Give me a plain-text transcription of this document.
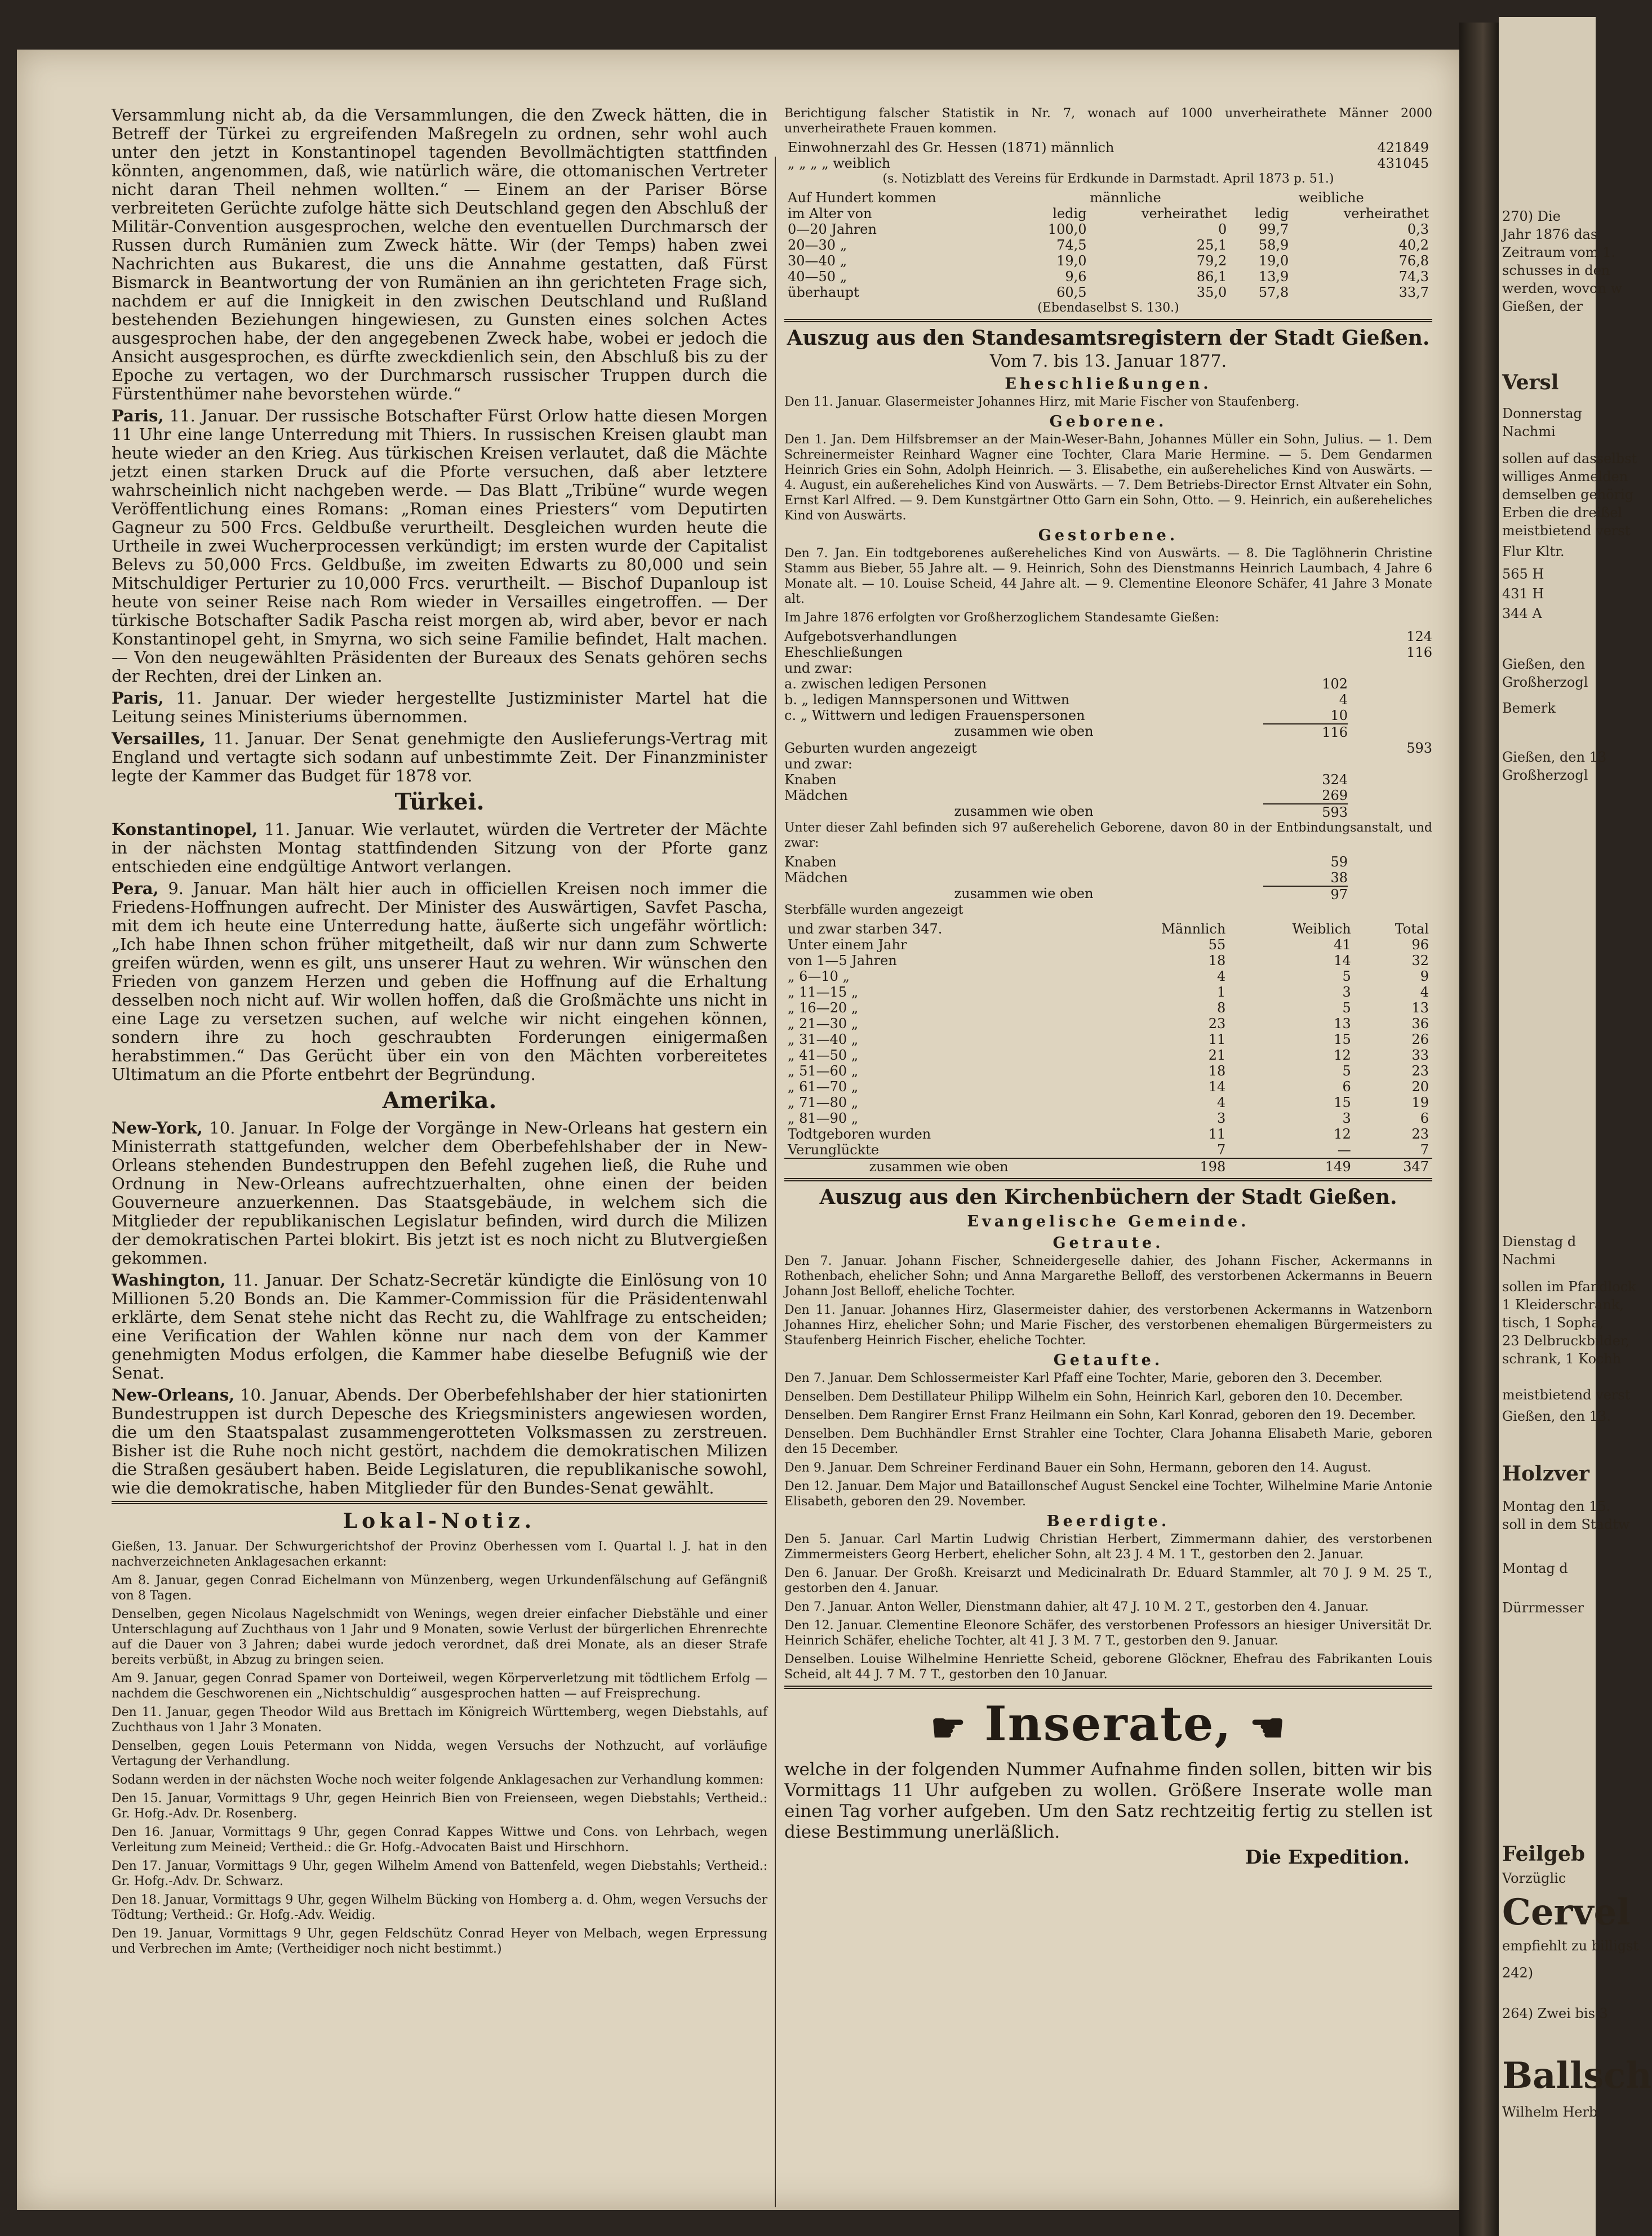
Versammlung nicht ab, da die Versammlungen, die den Zweck hätten, die in Betreff der Türkei zu ergreifenden Maßregeln zu ordnen, sehr wohl auch unter den jetzt in Konstantinopel tagenden Bevollmächtigten stattfinden könnten, angenommen, daß, wie natürlich wäre, die ottomanischen Vertreter nicht daran Theil nehmen wollten.“ — Einem an der Pariser Börse verbreiteten Gerüchte zufolge hätte sich Deutschland gegen den Abschluß der Militär-Convention ausgesprochen, welche den eventuellen Durchmarsch der Russen durch Rumänien zum Zweck hätte. Wir (der Temps) haben zwei Nachrichten aus Bukarest, die uns die Annahme gestatten, daß Fürst Bismarck in Beantwortung der von Rumänien an ihn gerichteten Frage sich, nachdem er auf die Innigkeit in den zwischen Deutschland und Rußland bestehenden Beziehungen hingewiesen, zu Gunsten eines solchen Actes ausgesprochen habe, der den angegebenen Zweck habe, wobei er jedoch die Ansicht ausgesprochen, es dürfte zweckdienlich sein, den Abschluß bis zu der Epoche zu vertagen, wo der Durchmarsch russischer Truppen durch die Fürstenthümer nahe bevorstehen würde.“

Paris, 11. Januar. Der russische Botschafter Fürst Orlow hatte diesen Morgen 11 Uhr eine lange Unterredung mit Thiers. In russischen Kreisen glaubt man heute wieder an den Krieg. Aus türkischen Kreisen verlautet, daß die Mächte jetzt einen starken Druck auf die Pforte versuchen, daß aber letztere wahrscheinlich nicht nachgeben werde. — Das Blatt „Tribüne“ wurde wegen Veröffentlichung eines Romans: „Roman eines Priesters“ vom Deputirten Gagneur zu 500 Frcs. Geldbuße verurtheilt. Desgleichen wurden heute die Urtheile in zwei Wucherprocessen verkündigt; im ersten wurde der Capitalist Belevs zu 50,000 Frcs. Geldbuße, im zweiten Edwarts zu 80,000 und sein Mitschuldiger Perturier zu 10,000 Frcs. verurtheilt. — Bischof Dupanloup ist heute von seiner Reise nach Rom wieder in Versailles eingetroffen. — Der türkische Botschafter Sadik Pascha reist morgen ab, wird aber, bevor er nach Konstantinopel geht, in Smyrna, wo sich seine Familie befindet, Halt machen. — Von den neugewählten Präsidenten der Bureaux des Senats gehören sechs der Rechten, drei der Linken an.

Paris, 11. Januar. Der wieder hergestellte Justizminister Martel hat die Leitung seines Ministeriums übernommen.

Versailles, 11. Januar. Der Senat genehmigte den Auslieferungs-Vertrag mit England und vertagte sich sodann auf unbestimmte Zeit. Der Finanzminister legte der Kammer das Budget für 1878 vor.

Türkei.

Konstantinopel, 11. Januar. Wie verlautet, würden die Vertreter der Mächte in der nächsten Montag stattfindenden Sitzung von der Pforte ganz entschieden eine endgültige Antwort verlangen.

Pera, 9. Januar. Man hält hier auch in officiellen Kreisen noch immer die Friedens-Hoffnungen aufrecht. Der Minister des Auswärtigen, Savfet Pascha, mit dem ich heute eine Unterredung hatte, äußerte sich ungefähr wörtlich: „Ich habe Ihnen schon früher mitgetheilt, daß wir nur dann zum Schwerte greifen würden, wenn es gilt, uns unserer Haut zu wehren. Wir wünschen den Frieden von ganzem Herzen und geben die Hoffnung auf die Erhaltung desselben noch nicht auf. Wir wollen hoffen, daß die Großmächte uns nicht in eine Lage zu versetzen suchen, auf welche wir nicht eingehen können, sondern ihre zu hoch geschraubten Forderungen einigermaßen herabstimmen.“ Das Gerücht über ein von den Mächten vorbereitetes Ultimatum an die Pforte entbehrt der Begründung.

Amerika.

New-York, 10. Januar. In Folge der Vorgänge in New-Orleans hat gestern ein Ministerrath stattgefunden, welcher dem Oberbefehlshaber der in New-Orleans stehenden Bundestruppen den Befehl zugehen ließ, die Ruhe und Ordnung in New-Orleans aufrechtzuerhalten, ohne einen der beiden Gouverneure anzuerkennen. Das Staatsgebäude, in welchem sich die Mitglieder der republikanischen Legislatur befinden, wird durch die Milizen der demokratischen Partei blokirt. Bis jetzt ist es noch nicht zu Blutvergießen gekommen.

Washington, 11. Januar. Der Schatz-Secretär kündigte die Einlösung von 10 Millionen 5.20 Bonds an. Die Kammer-Commission für die Präsidentenwahl erklärte, dem Senat stehe nicht das Recht zu, die Wahlfrage zu entscheiden; eine Verification der Wahlen könne nur nach dem von der Kammer genehmigten Modus erfolgen, die Kammer habe dieselbe Befugniß wie der Senat.

New-Orleans, 10. Januar, Abends. Der Oberbefehlshaber der hier stationirten Bundestruppen ist durch Depesche des Kriegsministers angewiesen worden, die um den Staatspalast zusammengerotteten Volksmassen zu zerstreuen. Bisher ist die Ruhe noch nicht gestört, nachdem die demokratischen Milizen die Straßen gesäubert haben. Beide Legislaturen, die republikanische sowohl, wie die demokratische, haben Mitglieder für den Bundes-Senat gewählt.

Lokal-Notiz.

Gießen, 13. Januar. Der Schwurgerichtshof der Provinz Oberhessen vom I. Quartal l. J. hat in den nachverzeichneten Anklagesachen erkannt:

Am 8. Januar, gegen Conrad Eichelmann von Münzenberg, wegen Urkundenfälschung auf Gefängniß von 8 Tagen.

Denselben, gegen Nicolaus Nagelschmidt von Wenings, wegen dreier einfacher Diebstähle und einer Unterschlagung auf Zuchthaus von 1 Jahr und 9 Monaten, sowie Verlust der bürgerlichen Ehrenrechte auf die Dauer von 3 Jahren; dabei wurde jedoch verordnet, daß drei Monate, als an dieser Strafe bereits verbüßt, in Abzug zu bringen seien.

Am 9. Januar, gegen Conrad Spamer von Dorteiweil, wegen Körperverletzung mit tödtlichem Erfolg — nachdem die Geschworenen ein „Nichtschuldig“ ausgesprochen hatten — auf Freisprechung.

Den 11. Januar, gegen Theodor Wild aus Brettach im Königreich Württemberg, wegen Diebstahls, auf Zuchthaus von 1 Jahr 3 Monaten.

Denselben, gegen Louis Petermann von Nidda, wegen Versuchs der Nothzucht, auf vorläufige Vertagung der Verhandlung.

Sodann werden in der nächsten Woche noch weiter folgende Anklagesachen zur Verhandlung kommen:

Den 15. Januar, Vormittags 9 Uhr, gegen Heinrich Bien von Freienseen, wegen Diebstahls; Vertheid.: Gr. Hofg.-Adv. Dr. Rosenberg.

Den 16. Januar, Vormittags 9 Uhr, gegen Conrad Kappes Wittwe und Cons. von Lehrbach, wegen Verleitung zum Meineid; Vertheid.: die Gr. Hofg.-Advocaten Baist und Hirschhorn.

Den 17. Januar, Vormittags 9 Uhr, gegen Wilhelm Amend von Battenfeld, wegen Diebstahls; Vertheid.: Gr. Hofg.-Adv. Dr. Schwarz.

Den 18. Januar, Vormittags 9 Uhr, gegen Wilhelm Bücking von Homberg a. d. Ohm, wegen Versuchs der Tödtung; Vertheid.: Gr. Hofg.-Adv. Weidig.

Den 19. Januar, Vormittags 9 Uhr, gegen Feldschütz Conrad Heyer von Melbach, wegen Erpressung und Verbrechen im Amte; (Vertheidiger noch nicht bestimmt.)

Berichtigung falscher Statistik in Nr. 7, wonach auf 1000 unverheirathete Männer 2000 unverheirathete Frauen kommen.

Einwohnerzahl des Gr. Hessen (1871) männlich	421849
„ „ „ „ weiblich	431045

(s. Notizblatt des Vereins für Erdkunde in Darmstadt. April 1873 p. 51.)

Auf Hundert kommen	männliche		weibliche	
im Alter von	ledig	verheirathet	ledig	verheirathet
0—20 Jahren	100,0	0	99,7	0,3
20—30 „	74,5	25,1	58,9	40,2
30—40 „	19,0	79,2	19,0	76,8
40—50 „	9,6	86,1	13,9	74,3
überhaupt	60,5	35,0	57,8	33,7

(Ebendaselbst S. 130.)

Auszug aus den Standesamtsregistern der Stadt Gießen.
Vom 7. bis 13. Januar 1877.
Eheschließungen.

Den 11. Januar. Glasermeister Johannes Hirz, mit Marie Fischer von Staufenberg.

Geborene.

Den 1. Jan. Dem Hilfsbremser an der Main-Weser-Bahn, Johannes Müller ein Sohn, Julius. — 1. Dem Schreinermeister Reinhard Wagner eine Tochter, Clara Marie Hermine. — 5. Dem Gendarmen Heinrich Gries ein Sohn, Adolph Heinrich. — 3. Elisabethe, ein außereheliches Kind von Auswärts. — 4. August, ein außereheliches Kind von Auswärts. — 7. Dem Betriebs-Director Ernst Altvater ein Sohn, Ernst Karl Alfred. — 9. Dem Kunstgärtner Otto Garn ein Sohn, Otto. — 9. Heinrich, ein außereheliches Kind von Auswärts.

Gestorbene.

Den 7. Jan. Ein todtgeborenes außereheliches Kind von Auswärts. — 8. Die Taglöhnerin Christine Stamm aus Bieber, 55 Jahre alt. — 9. Heinrich, Sohn des Dienstmanns Heinrich Laumbach, 4 Jahre 6 Monate alt. — 10. Louise Scheid, 44 Jahre alt. — 9. Clementine Eleonore Schäfer, 41 Jahre 3 Monate alt.

Im Jahre 1876 erfolgten vor Großherzoglichem Standesamte Gießen:

Aufgebotsverhandlungen	124
Eheschließungen	116
und zwar:
a. zwischen ledigen Personen	102
b. „ ledigen Mannspersonen und Wittwen	4
c. „ Wittwern und ledigen Frauenspersonen	10
zusammen wie oben	116
Geburten wurden angezeigt	593
und zwar:
Knaben	324
Mädchen	269
zusammen wie oben	593

Unter dieser Zahl befinden sich 97 außerehelich Geborene, davon 80 in der Entbindungsanstalt, und zwar:

Knaben	59
Mädchen	38
zusammen wie oben	97

Sterbfälle wurden angezeigt

und zwar starben 347.	Männlich	Weiblich	Total
Unter einem Jahr	55	41	96
von 1—5 Jahren	18	14	32
„ 6—10 „	4	5	9
„ 11—15 „	1	3	4
„ 16—20 „	8	5	13
„ 21—30 „	23	13	36
„ 31—40 „	11	15	26
„ 41—50 „	21	12	33
„ 51—60 „	18	5	23
„ 61—70 „	14	6	20
„ 71—80 „	4	15	19
„ 81—90 „	3	3	6
Todtgeboren wurden	11	12	23
Verunglückte	7	—	7
zusammen wie oben	198	149	347
Auszug aus den Kirchenbüchern der Stadt Gießen.
Evangelische Gemeinde.
Getraute.

Den 7. Januar. Johann Fischer, Schneidergeselle dahier, des Johann Fischer, Ackermanns in Rothenbach, ehelicher Sohn; und Anna Margarethe Belloff, des verstorbenen Ackermanns in Beuern Johann Jost Belloff, eheliche Tochter.

Den 11. Januar. Johannes Hirz, Glasermeister dahier, des verstorbenen Ackermanns in Watzenborn Johannes Hirz, ehelicher Sohn; und Marie Fischer, des verstorbenen ehemaligen Bürgermeisters zu Staufenberg Heinrich Fischer, eheliche Tochter.

Getaufte.

Den 7. Januar. Dem Schlossermeister Karl Pfaff eine Tochter, Marie, geboren den 3. December.

Denselben. Dem Destillateur Philipp Wilhelm ein Sohn, Heinrich Karl, geboren den 10. December.

Denselben. Dem Rangirer Ernst Franz Heilmann ein Sohn, Karl Konrad, geboren den 19. December.

Denselben. Dem Buchhändler Ernst Strahler eine Tochter, Clara Johanna Elisabeth Marie, geboren den 15 December.

Den 9. Januar. Dem Schreiner Ferdinand Bauer ein Sohn, Hermann, geboren den 14. August.

Den 12. Januar. Dem Major und Bataillonschef August Senckel eine Tochter, Wilhelmine Marie Antonie Elisabeth, geboren den 29. November.

Beerdigte.

Den 5. Januar. Carl Martin Ludwig Christian Herbert, Zimmermann dahier, des verstorbenen Zimmermeisters Georg Herbert, ehelicher Sohn, alt 23 J. 4 M. 1 T., gestorben den 2. Januar.

Den 6. Januar. Der Großh. Kreisarzt und Medicinalrath Dr. Eduard Stammler, alt 70 J. 9 M. 25 T., gestorben den 4. Januar.

Den 7. Januar. Anton Weller, Dienstmann dahier, alt 47 J. 10 M. 2 T., gestorben den 4. Januar.

Den 12. Januar. Clementine Eleonore Schäfer, des verstorbenen Professors an hiesiger Universität Dr. Heinrich Schäfer, eheliche Tochter, alt 41 J. 3 M. 7 T., gestorben den 9. Januar.

Denselben. Louise Wilhelmine Henriette Scheid, geborene Glöckner, Ehefrau des Fabrikanten Louis Scheid, alt 44 J. 7 M. 7 T., gestorben den 10 Januar.

☛ Inserate, ☚

welche in der folgenden Nummer Aufnahme finden sollen, bitten wir bis Vormittags 11 Uhr aufgeben zu wollen. Größere Inserate wolle man einen Tag vorher aufgeben. Um den Satz rechtzeitig fertig zu stellen ist diese Bestimmung unerläßlich.

Die Expedition.
270) Die
Jahr 1876 das
Zeitraum vom 1.
schusses in den
werden, wovon w
Gießen, der
Versl
Donnerstag
Nachmi
sollen auf dasselbst
williges Anmelden
demselben gehörig
Erben die dreißel
meistbietend verst
Flur Kltr.
565 H
431 H
344 A
Gießen, den
Großherzogl
Bemerk
Gießen, den 13
Großherzogl
Dienstag d
Nachmi
sollen im Pfandlock
1 Kleiderschrank,
tisch, 1 Sopha,
23 Delbruckbilder,
schrank, 1 Kochh
meistbietend verst
Gießen, den 13.
Holzver
Montag den 15.
soll in dem Stadtw
Montag d
Dürrmesser
Feilgeb
Vorzüglic
Cervel
empfiehlt zu billigst
242)
264) Zwei bis 3
Ballsch
Wilhelm Herb
